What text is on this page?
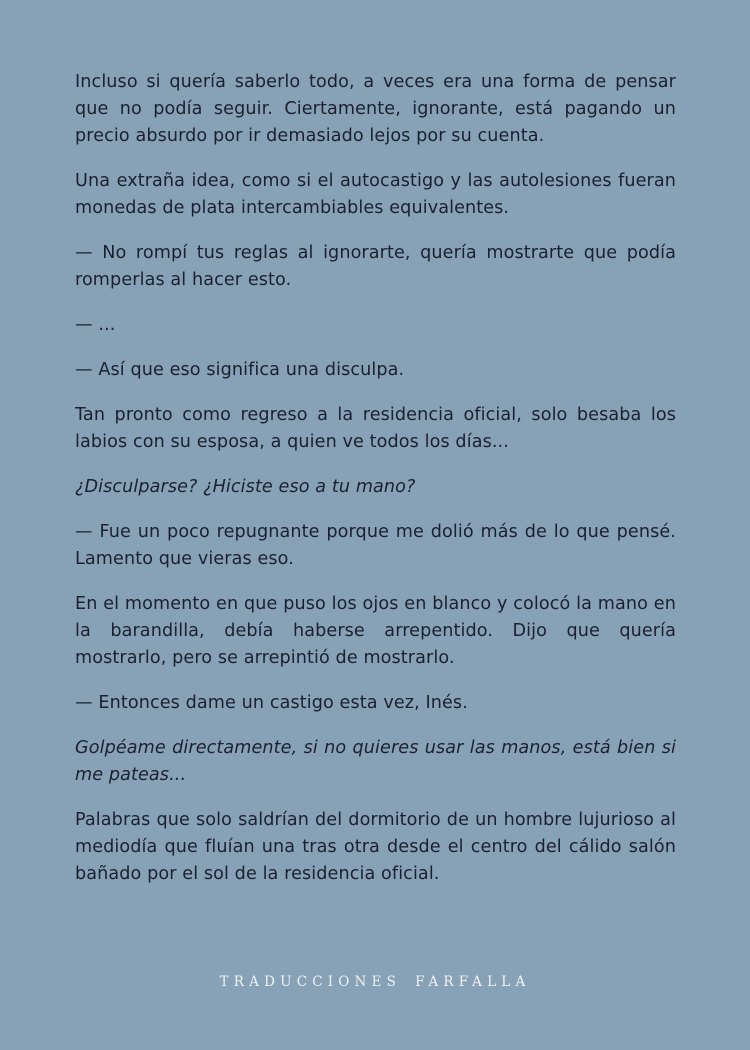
Incluso si quería saberlo todo, a veces era una forma de pensar que no podía seguir. Ciertamente, ignorante, está pagando un precio absurdo por ir demasiado lejos por su cuenta.

Una extraña idea, como si el autocastigo y las autolesiones fueran monedas de plata intercambiables equivalentes.

— No rompí tus reglas al ignorarte, quería mostrarte que podía romperlas al hacer esto.

— ...

— Así que eso significa una disculpa.

Tan pronto como regreso a la residencia oficial, solo besaba los labios con su esposa, a quien ve todos los días...

¿Disculparse? ¿Hiciste eso a tu mano?

— Fue un poco repugnante porque me dolió más de lo que pensé. Lamento que vieras eso.

En el momento en que puso los ojos en blanco y colocó la mano en la barandilla, debía haberse arrepentido. Dijo que quería mostrarlo, pero se arrepintió de mostrarlo.

— Entonces dame un castigo esta vez, Inés.

Golpéame directamente, si no quieres usar las manos, está bien si me pateas...

Palabras que solo saldrían del dormitorio de un hombre lujurioso al mediodía que fluían una tras otra desde el centro del cálido salón bañado por el sol de la residencia oficial.

TRADUCCIONES FARFALLA
